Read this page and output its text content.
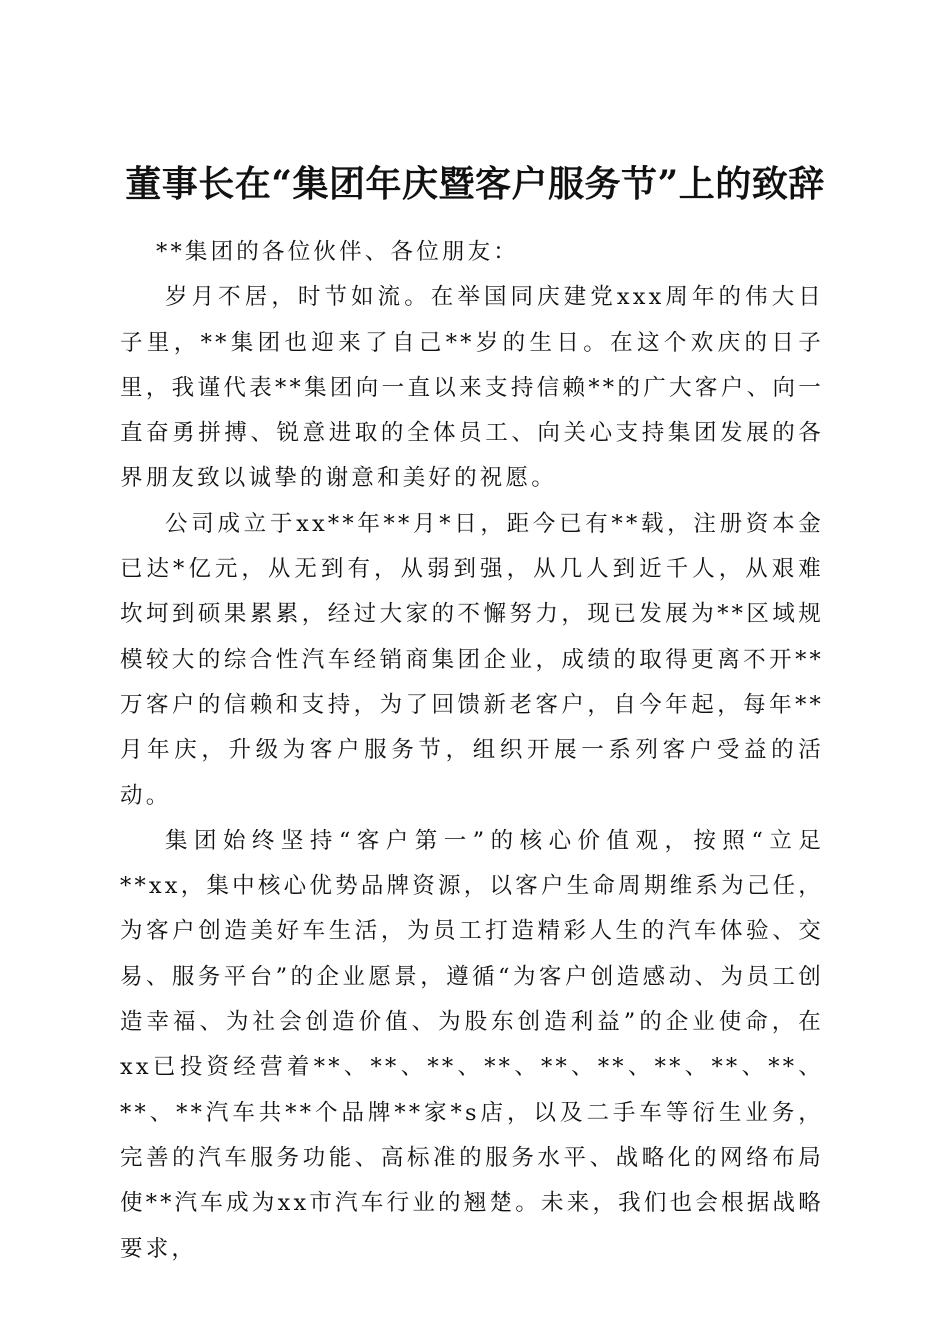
董事长在“集团年庆暨客户服务节”上的致辞

**集团的各位伙伴、各位朋友：

岁月不居，时节如流。在举国同庆建党xxx周年的伟大日子里，**集团也迎来了自己**岁的生日。在这个欢庆的日子里，我谨代表**集团向一直以来支持信赖**的广大客户、向一直奋勇拼搏、锐意进取的全体员工、向关心支持集团发展的各界朋友致以诚挚的谢意和美好的祝愿。

公司成立于xx**年**月*日，距今已有**载，注册资本金已达*亿元，从无到有，从弱到强，从几人到近千人，从艰难坎坷到硕果累累，经过大家的不懈努力，现已发展为**区域规模较大的综合性汽车经销商集团企业，成绩的取得更离不开**万客户的信赖和支持，为了回馈新老客户，自今年起，每年**月年庆，升级为客户服务节，组织开展一系列客户受益的活动。

集团始终坚持“客户第一”的核心价值观，按照“立足**xx，集中核心优势品牌资源，以客户生命周期维系为己任，为客户创造美好车生活，为员工打造精彩人生的汽车体验、交易、服务平台”的企业愿景，遵循“为客户创造感动、为员工创造幸福、为社会创造价值、为股东创造利益”的企业使命，在xx已投资经营着**、**、**、**、**、**、**、**、**、**、**汽车共**个品牌**家*s店，以及二手车等衍生业务，完善的汽车服务功能、高标准的服务水平、战略化的网络布局使**汽车成为xx市汽车行业的翘楚。未来，我们也会根据战略要求，
